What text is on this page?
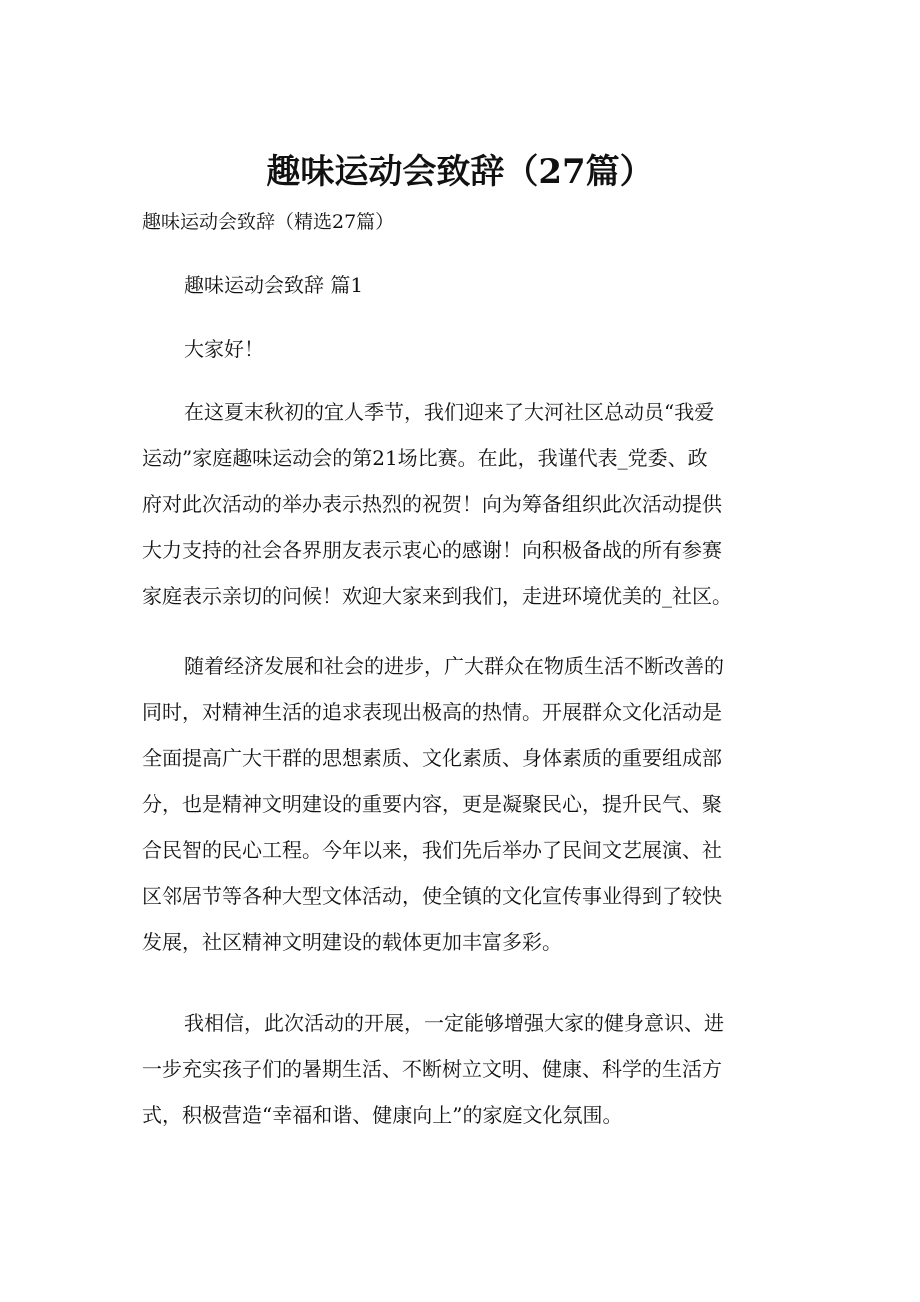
趣味运动会致辞（27篇）

趣味运动会致辞（精选27篇）

趣味运动会致辞 篇1

大家好！

在这夏末秋初的宜人季节，我们迎来了大河社区总动员“我爱
运动”家庭趣味运动会的第21场比赛。在此，我谨代表_党委、政
府对此次活动的举办表示热烈的祝贺！向为筹备组织此次活动提供
大力支持的社会各界朋友表示衷心的感谢！向积极备战的所有参赛
家庭表示亲切的问候！欢迎大家来到我们，走进环境优美的_社区。

随着经济发展和社会的进步，广大群众在物质生活不断改善的
同时，对精神生活的追求表现出极高的热情。开展群众文化活动是
全面提高广大干群的思想素质、文化素质、身体素质的重要组成部
分，也是精神文明建设的重要内容，更是凝聚民心，提升民气、聚
合民智的民心工程。今年以来，我们先后举办了民间文艺展演、社
区邻居节等各种大型文体活动，使全镇的文化宣传事业得到了较快
发展，社区精神文明建设的载体更加丰富多彩。

我相信，此次活动的开展，一定能够增强大家的健身意识、进
一步充实孩子们的暑期生活、不断树立文明、健康、科学的生活方
式，积极营造“幸福和谐、健康向上”的家庭文化氛围。
